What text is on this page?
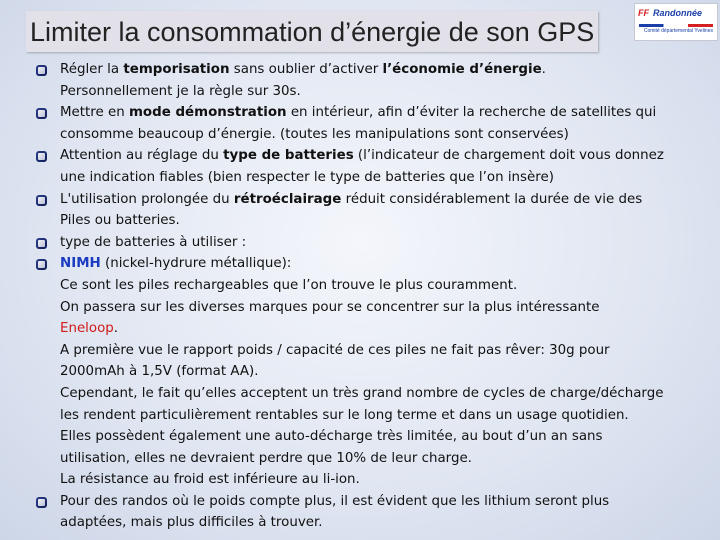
Limiter la consommation d’énergie de son GPS
FF Randonnée
Comité départemental Yvelines
Régler la temporisation sans oublier d’activer l’économie d’énergie.
Personnellement je la règle sur 30s.
Mettre en mode démonstration en intérieur, afin d’éviter la recherche de satellites qui
consomme beaucoup d’énergie. (toutes les manipulations sont conservées)
Attention au réglage du type de batteries (l’indicateur de chargement doit vous donnez
une indication fiables (bien respecter le type de batteries que l’on insère)
L'utilisation prolongée du rétroéclairage réduit considérablement la durée de vie des
Piles ou batteries.
type de batteries à utiliser :
NIMH (nickel-hydrure métallique):
Ce sont les piles rechargeables que l’on trouve le plus couramment.
On passera sur les diverses marques pour se concentrer sur la plus intéressante
Eneloop.
A première vue le rapport poids / capacité de ces piles ne fait pas rêver: 30g pour
2000mAh à 1,5V (format AA).
Cependant, le fait qu’elles acceptent un très grand nombre de cycles de charge/décharge
les rendent particulièrement rentables sur le long terme et dans un usage quotidien.
Elles possèdent également une auto-décharge très limitée, au bout d’un an sans
utilisation, elles ne devraient perdre que 10% de leur charge.
La résistance au froid est inférieure au li-ion.
Pour des randos où le poids compte plus, il est évident que les lithium seront plus
adaptées, mais plus difficiles à trouver.
